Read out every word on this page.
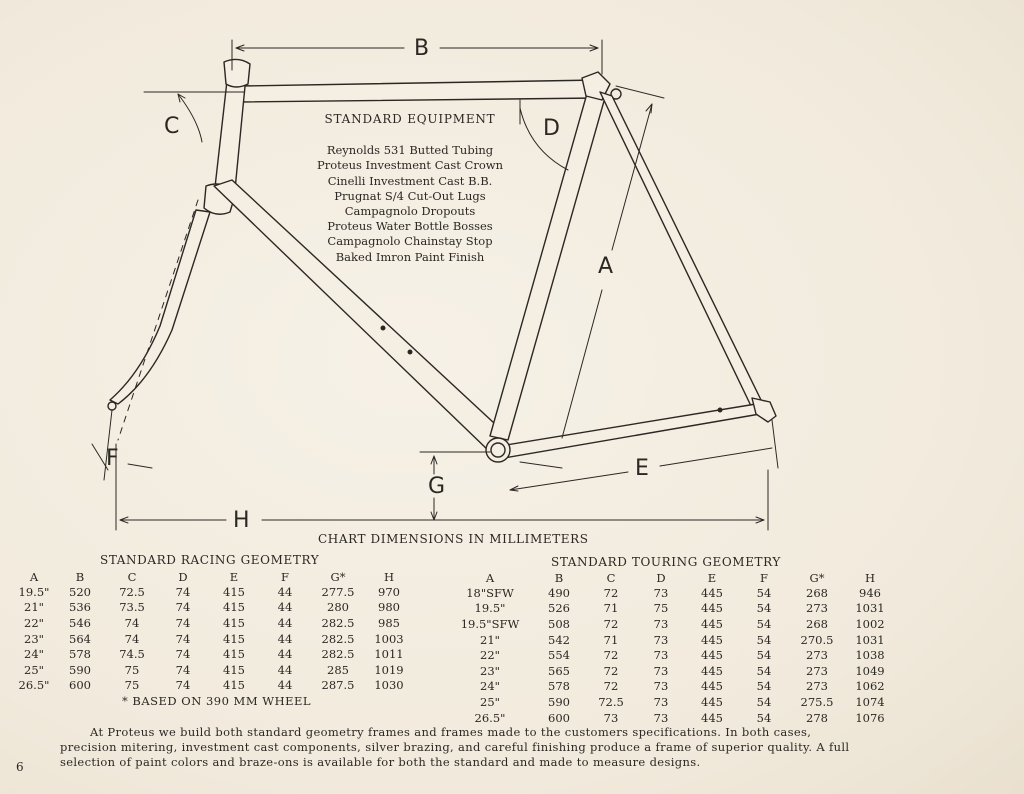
B
C	D
A
E
G
H
F
STANDARD EQUIPMENT
Reynolds 531 Butted Tubing
Proteus Investment Cast Crown
Cinelli Investment Cast B.B.
Prugnat S/4 Cut-Out Lugs
Campagnolo Dropouts
Proteus Water Bottle Bosses
Campagnolo Chainstay Stop
Baked Imron Paint Finish
CHART DIMENSIONS IN MILLIMETERS
STANDARD RACING GEOMETRY	STANDARD TOURING GEOMETRY
A	B	C	D	E	F	G*	H
19.5"	520	72.5	74	415	44	277.5	970
21"	536	73.5	74	415	44	280	980
22"	546	74	74	415	44	282.5	985
23"	564	74	74	415	44	282.5	1003
24"	578	74.5	74	415	44	282.5	1011
25"	590	75	74	415	44	285	1019
26.5"	600	75	74	415	44	287.5	1030
A	B	C	D	E	F	G*	H
18"SFW	490	72	73	445	54	268	946
19.5"	526	71	75	445	54	273	1031
19.5"SFW	508	72	73	445	54	268	1002
21"	542	71	73	445	54	270.5	1031
22"	554	72	73	445	54	273	1038
23"	565	72	73	445	54	273	1049
24"	578	72	73	445	54	273	1062
25"	590	72.5	73	445	54	275.5	1074
26.5"	600	73	73	445	54	278	1076
* BASED ON 390 MM WHEEL
At Proteus we build both standard geometry frames and frames made to the customers specifications. In both cases, precision mitering, investment cast components, silver brazing, and careful finishing produce a frame of superior quality. A full selection of paint colors and braze-ons is available for both the standard and made to measure designs.
6
